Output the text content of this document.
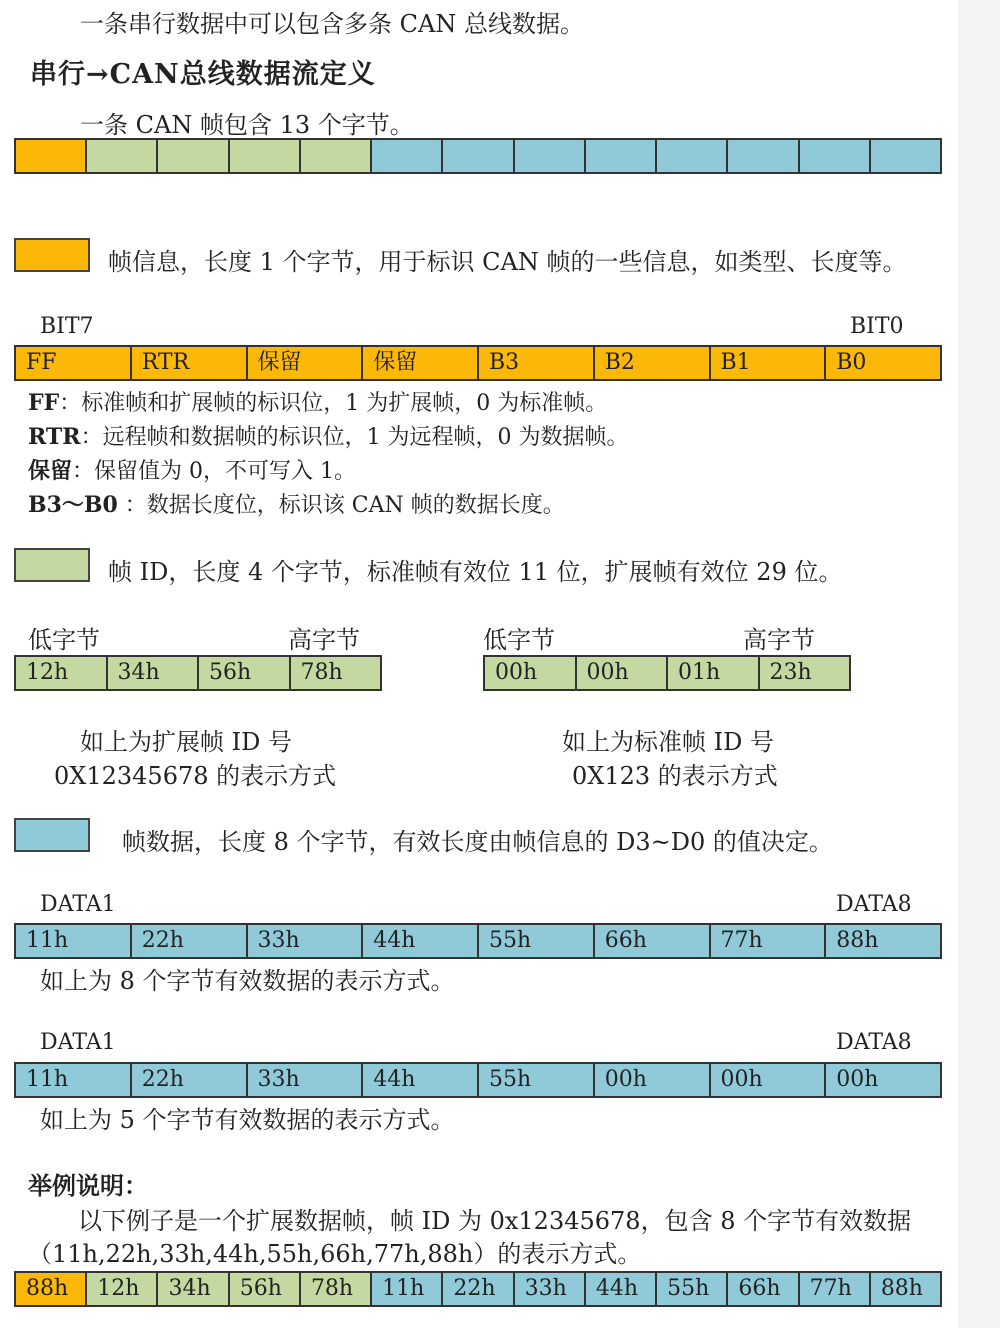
一条串行数据中可以包含多条 CAN 总线数据。
串行→CAN总线数据流定义
一条 CAN 帧包含 13 个字节。
帧信息，长度 1 个字节，用于标识 CAN 帧的一些信息，如类型、长度等。
BIT7	BIT0
FF	RTR	保留	保留	B3	B2	B1	B0
FF：标准帧和扩展帧的标识位，1 为扩展帧，0 为标准帧。
RTR：远程帧和数据帧的标识位，1 为远程帧，0 为数据帧。
保留：保留值为 0，不可写入 1。
B3～B0 ：数据长度位，标识该 CAN 帧的数据长度。
帧 ID，长度 4 个字节，标准帧有效位 11 位，扩展帧有效位 29 位。
低字节	高字节
12h	34h	56h	78h
如上为扩展帧 ID 号
0X12345678 的表示方式
低字节	高字节
00h	00h	01h	23h
如上为标准帧 ID 号
0X123 的表示方式
帧数据，长度 8 个字节，有效长度由帧信息的 D3~D0 的值决定。
DATA1	DATA8
11h	22h	33h	44h	55h	66h	77h	88h
如上为 8 个字节有效数据的表示方式。
DATA1	DATA8
11h	22h	33h	44h	55h	00h	00h	00h
如上为 5 个字节有效数据的表示方式。
举例说明：
以下例子是一个扩展数据帧，帧 ID 为 0x12345678，包含 8 个字节有效数据
（11h,22h,33h,44h,55h,66h,77h,88h）的表示方式。
88h	12h	34h	56h	78h	11h	22h	33h	44h	55h	66h	77h	88h
